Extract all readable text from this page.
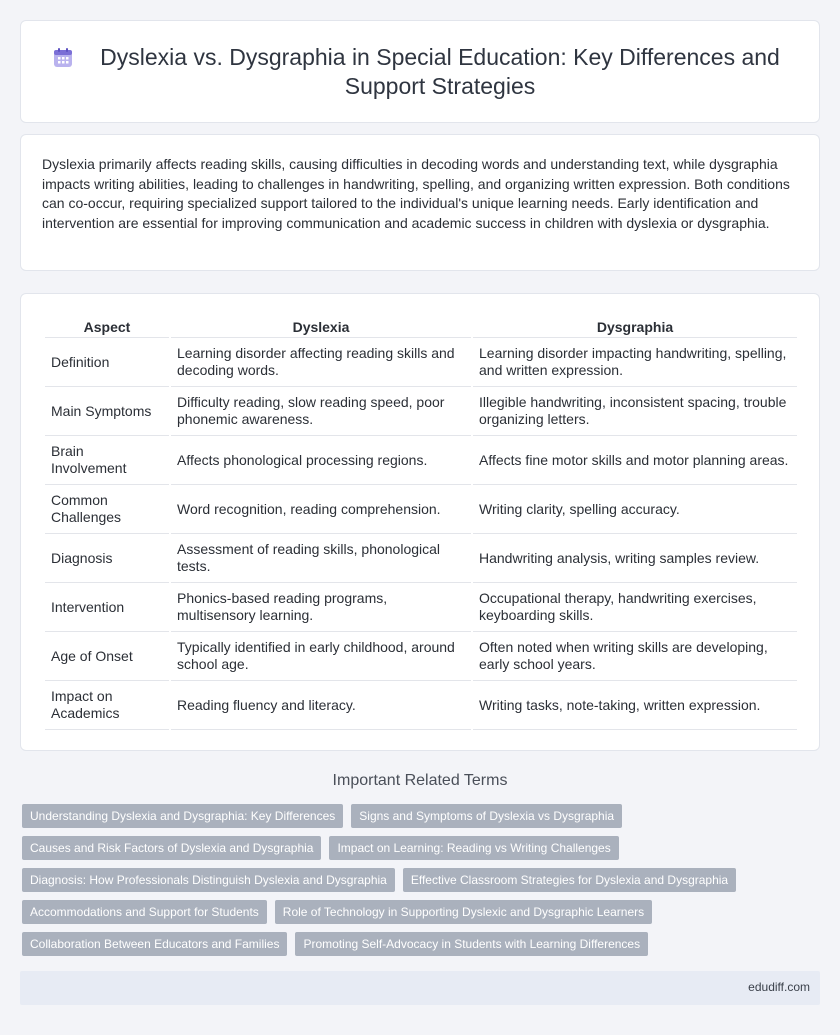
Dyslexia vs. Dysgraphia in Special Education: Key Differences and Support Strategies

Dyslexia primarily affects reading skills, causing difficulties in decoding words and understanding text, while dysgraphia impacts writing abilities, leading to challenges in handwriting, spelling, and organizing written expression. Both conditions can co-occur, requiring specialized support tailored to the individual's unique learning needs. Early identification and intervention are essential for improving communication and academic success in children with dyslexia or dysgraphia.

Aspect	Dyslexia	Dysgraphia
Definition	Learning disorder affecting reading skills and decoding words.	Learning disorder impacting handwriting, spelling, and written expression.
Main Symptoms	Difficulty reading, slow reading speed, poor phonemic awareness.	Illegible handwriting, inconsistent spacing, trouble organizing letters.
Brain Involvement	Affects phonological processing regions.	Affects fine motor skills and motor planning areas.
Common Challenges	Word recognition, reading comprehension.	Writing clarity, spelling accuracy.
Diagnosis	Assessment of reading skills, phonological tests.	Handwriting analysis, writing samples review.
Intervention	Phonics-based reading programs, multisensory learning.	Occupational therapy, handwriting exercises, keyboarding skills.
Age of Onset	Typically identified in early childhood, around school age.	Often noted when writing skills are developing, early school years.
Impact on Academics	Reading fluency and literacy.	Writing tasks, note-taking, written expression.
Important Related Terms
Understanding Dyslexia and Dysgraphia: Key Differences	Signs and Symptoms of Dyslexia vs Dysgraphia
Causes and Risk Factors of Dyslexia and Dysgraphia	Impact on Learning: Reading vs Writing Challenges
Diagnosis: How Professionals Distinguish Dyslexia and Dysgraphia	Effective Classroom Strategies for Dyslexia and Dysgraphia
Accommodations and Support for Students	Role of Technology in Supporting Dyslexic and Dysgraphic Learners
Collaboration Between Educators and Families	Promoting Self-Advocacy in Students with Learning Differences
edudiff.com
